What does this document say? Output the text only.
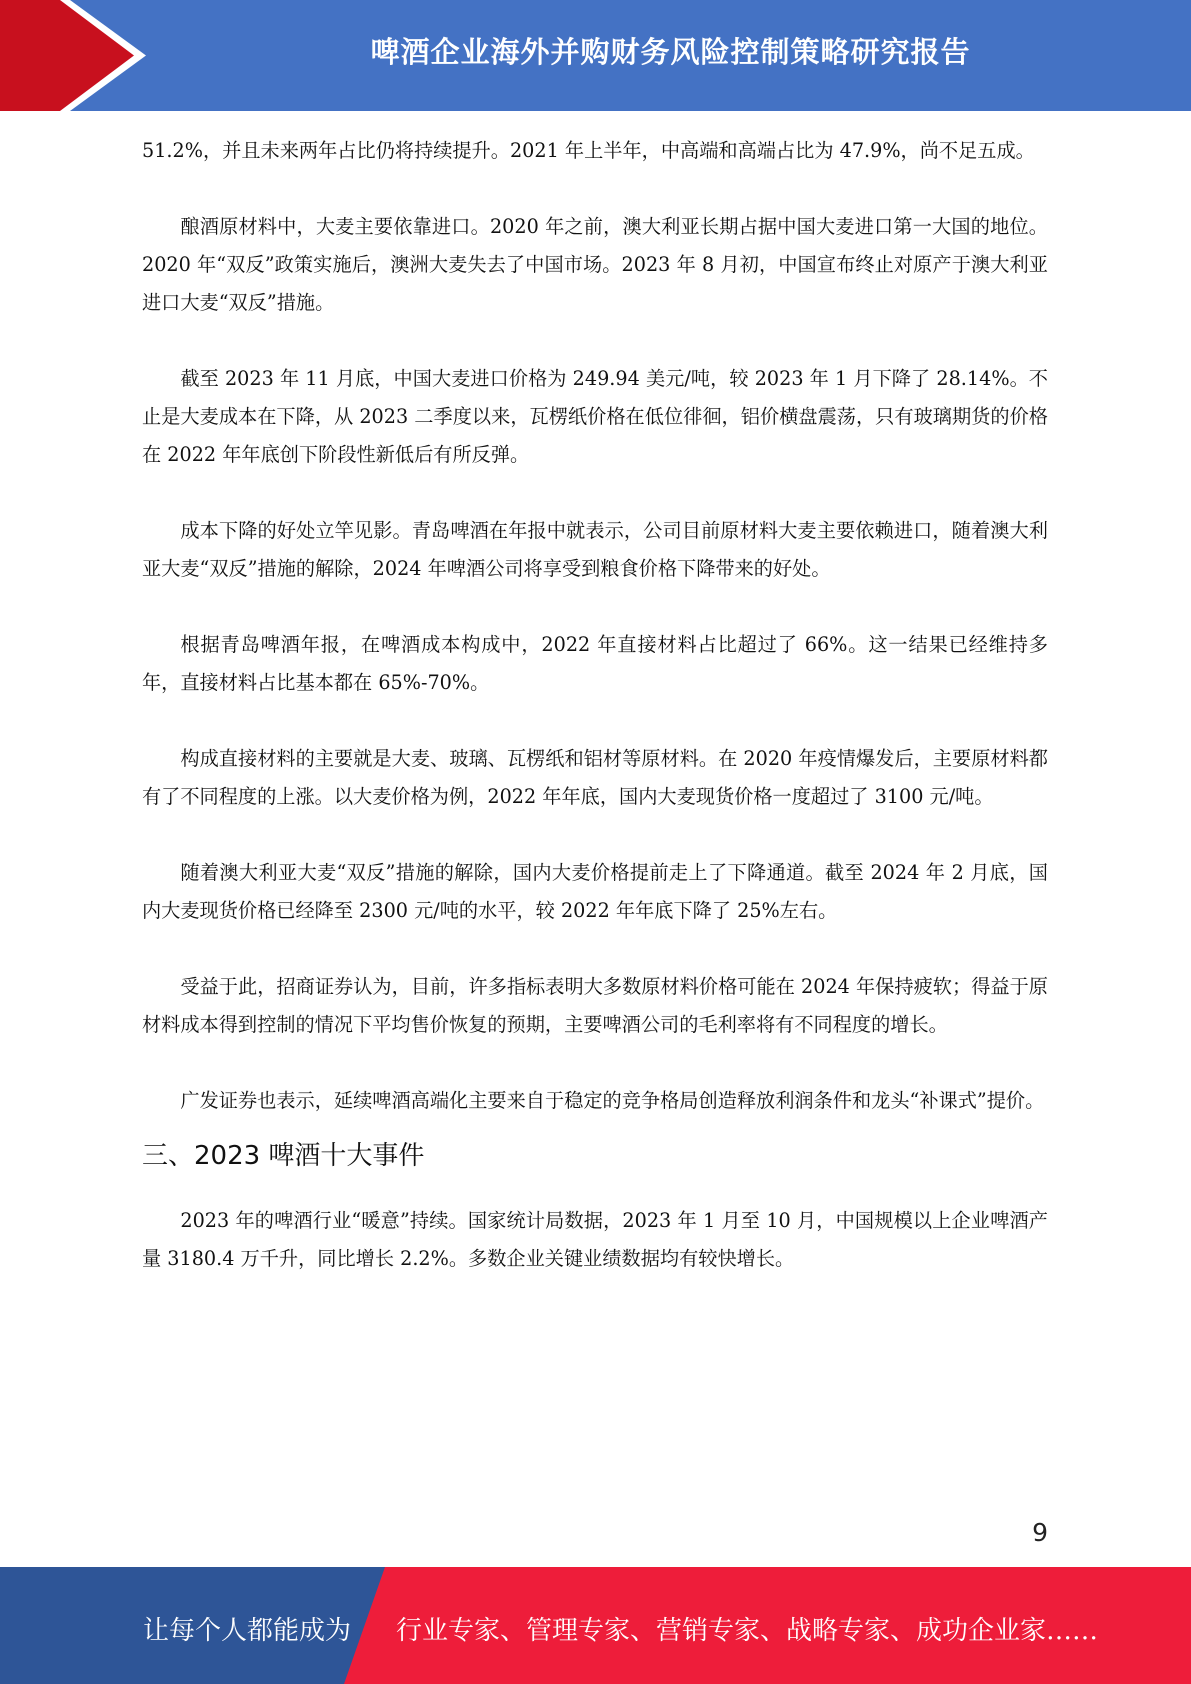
啤酒企业海外并购财务风险控制策略研究报告

51.2%，并且未来两年占比仍将持续提升。2021 年上半年，中高端和高端占比为 47.9%，尚不足五成。

酿酒原材料中，大麦主要依靠进口。2020 年之前，澳大利亚长期占据中国大麦进口第一大国的地位。2020 年“双反”政策实施后，澳洲大麦失去了中国市场。2023 年 8 月初，中国宣布终止对原产于澳大利亚进口大麦“双反”措施。

截至 2023 年 11 月底，中国大麦进口价格为 249.94 美元/吨，较 2023 年 1 月下降了 28.14%。不止是大麦成本在下降，从 2023 二季度以来，瓦楞纸价格在低位徘徊，铝价横盘震荡，只有玻璃期货的价格在 2022 年年底创下阶段性新低后有所反弹。

成本下降的好处立竿见影。青岛啤酒在年报中就表示，公司目前原材料大麦主要依赖进口，随着澳大利亚大麦“双反”措施的解除，2024 年啤酒公司将享受到粮食价格下降带来的好处。

根据青岛啤酒年报，在啤酒成本构成中，2022 年直接材料占比超过了 66%。这一结果已经维持多年，直接材料占比基本都在 65%-70%。

构成直接材料的主要就是大麦、玻璃、瓦楞纸和铝材等原材料。在 2020 年疫情爆发后，主要原材料都有了不同程度的上涨。以大麦价格为例，2022 年年底，国内大麦现货价格一度超过了 3100 元/吨。

随着澳大利亚大麦“双反”措施的解除，国内大麦价格提前走上了下降通道。截至 2024 年 2 月底，国内大麦现货价格已经降至 2300 元/吨的水平，较 2022 年年底下降了 25%左右。

受益于此，招商证券认为，目前，许多指标表明大多数原材料价格可能在 2024 年保持疲软；得益于原材料成本得到控制的情况下平均售价恢复的预期，主要啤酒公司的毛利率将有不同程度的增长。

广发证券也表示，延续啤酒高端化主要来自于稳定的竞争格局创造释放利润条件和龙头“补课式”提价。

三、2023 啤酒十大事件

2023 年的啤酒行业“暖意”持续。国家统计局数据，2023 年 1 月至 10 月，中国规模以上企业啤酒产量 3180.4 万千升，同比增长 2.2%。多数企业关键业绩数据均有较快增长。

9
让每个人都能成为 行业专家、管理专家、营销专家、战略专家、成功企业家……
